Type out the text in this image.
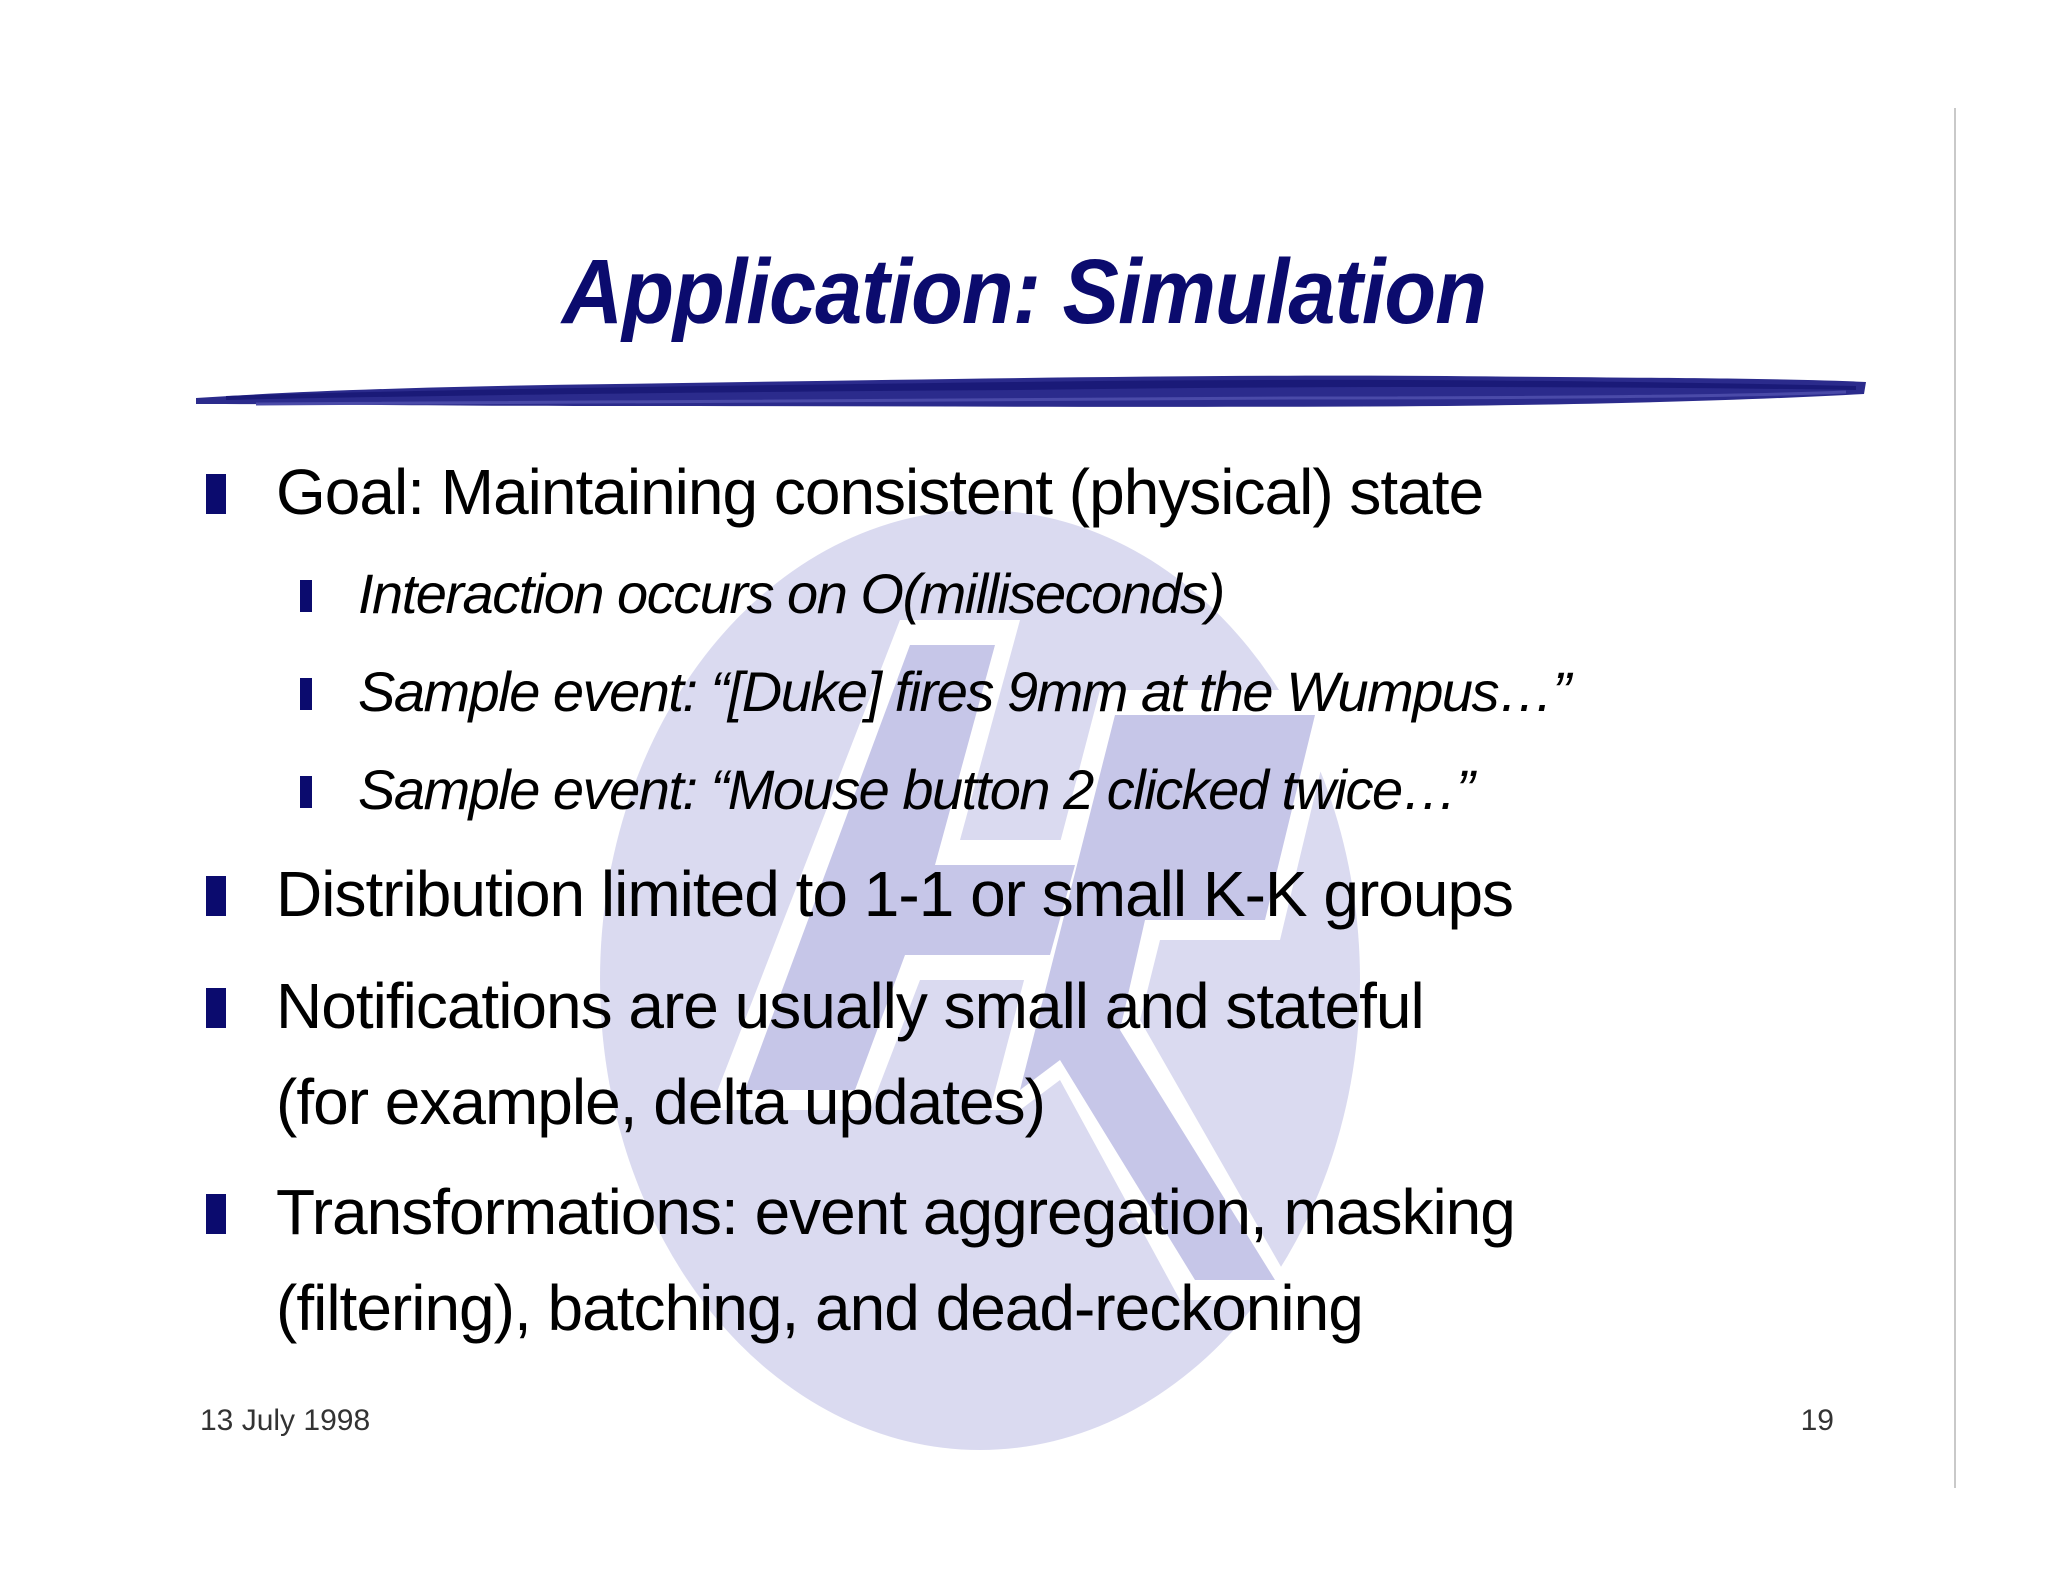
Application: Simulation
Goal: Maintaining consistent (physical) state
Interaction occurs on O(milliseconds)
Sample event: “[Duke] fires 9mm at the Wumpus…”
Sample event: “Mouse button 2 clicked twice…”
Distribution limited to 1-1 or small K-K groups
Notifications are usually small and stateful
(for example, delta updates)
Transformations: event aggregation, masking
(filtering), batching, and dead-reckoning
13 July 1998	19
